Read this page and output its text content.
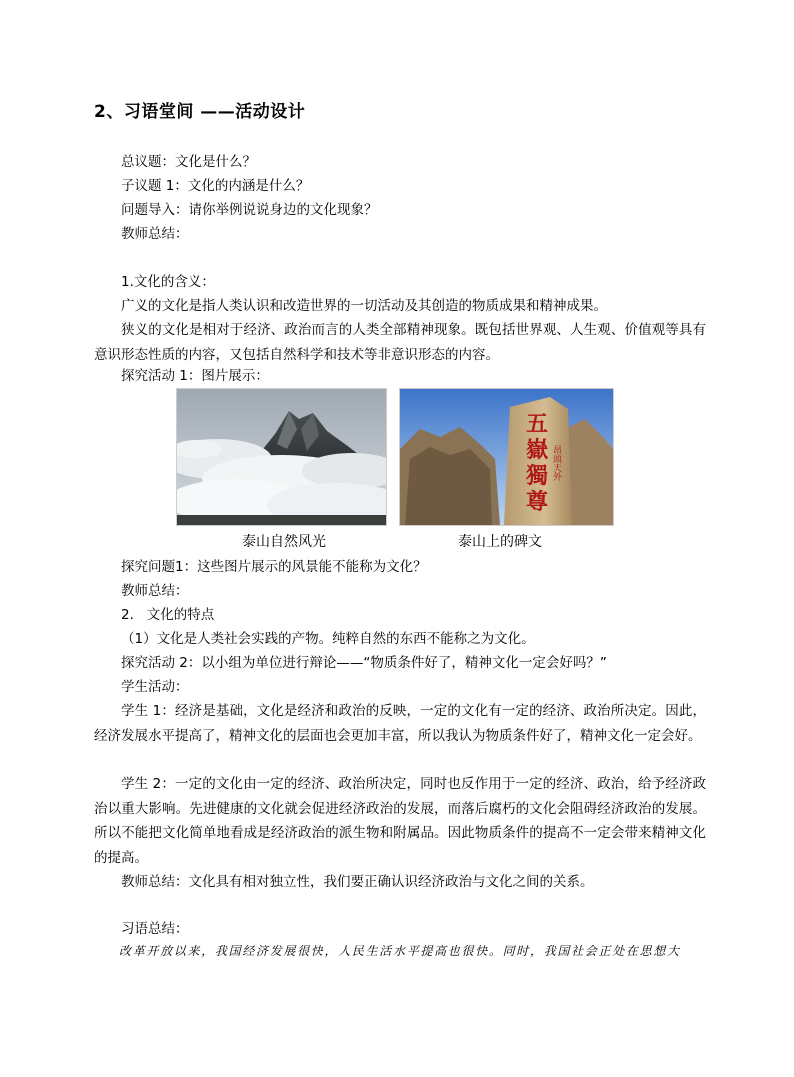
2、习语堂间 ——活动设计
总议题：文化是什么？
子议题 1：文化的内涵是什么？
问题导入：请你举例说说身边的文化现象？
教师总结：
1.文化的含义：
广义的文化是指人类认识和改造世界的一切活动及其创造的物质成果和精神成果。
狭义的文化是相对于经济、政治而言的人类全部精神现象。既包括世界观、人生观、价值观等具有意识形态性质的内容，又包括自然科学和技术等非意识形态的内容。
探究活动 1：图片展示：
五
嶽
獨
尊
昂頭天外
泰山自然风光	泰山上的碑文
探究问题1：这些图片展示的风景能不能称为文化？
教师总结：
2.   文化的特点
（1）文化是人类社会实践的产物。纯粹自然的东西不能称之为文化。
探究活动 2：以小组为单位进行辩论——“物质条件好了，精神文化一定会好吗？”
学生活动：
学生 1：经济是基础，文化是经济和政治的反映，一定的文化有一定的经济、政治所决定。因此，经济发展水平提高了，精神文化的层面也会更加丰富，所以我认为物质条件好了，精神文化一定会好。
学生 2：一定的文化由一定的经济、政治所决定，同时也反作用于一定的经济、政治，给予经济政治以重大影响。先进健康的文化就会促进经济政治的发展，而落后腐朽的文化会阻碍经济政治的发展。所以不能把文化简单地看成是经济政治的派生物和附属品。因此物质条件的提高不一定会带来精神文化的提高。
教师总结：文化具有相对独立性，我们要正确认识经济政治与文化之间的关系。
习语总结：
改革开放以来，我国经济发展很快，人民生活水平提高也很快。同时，我国社会正处在思想大
